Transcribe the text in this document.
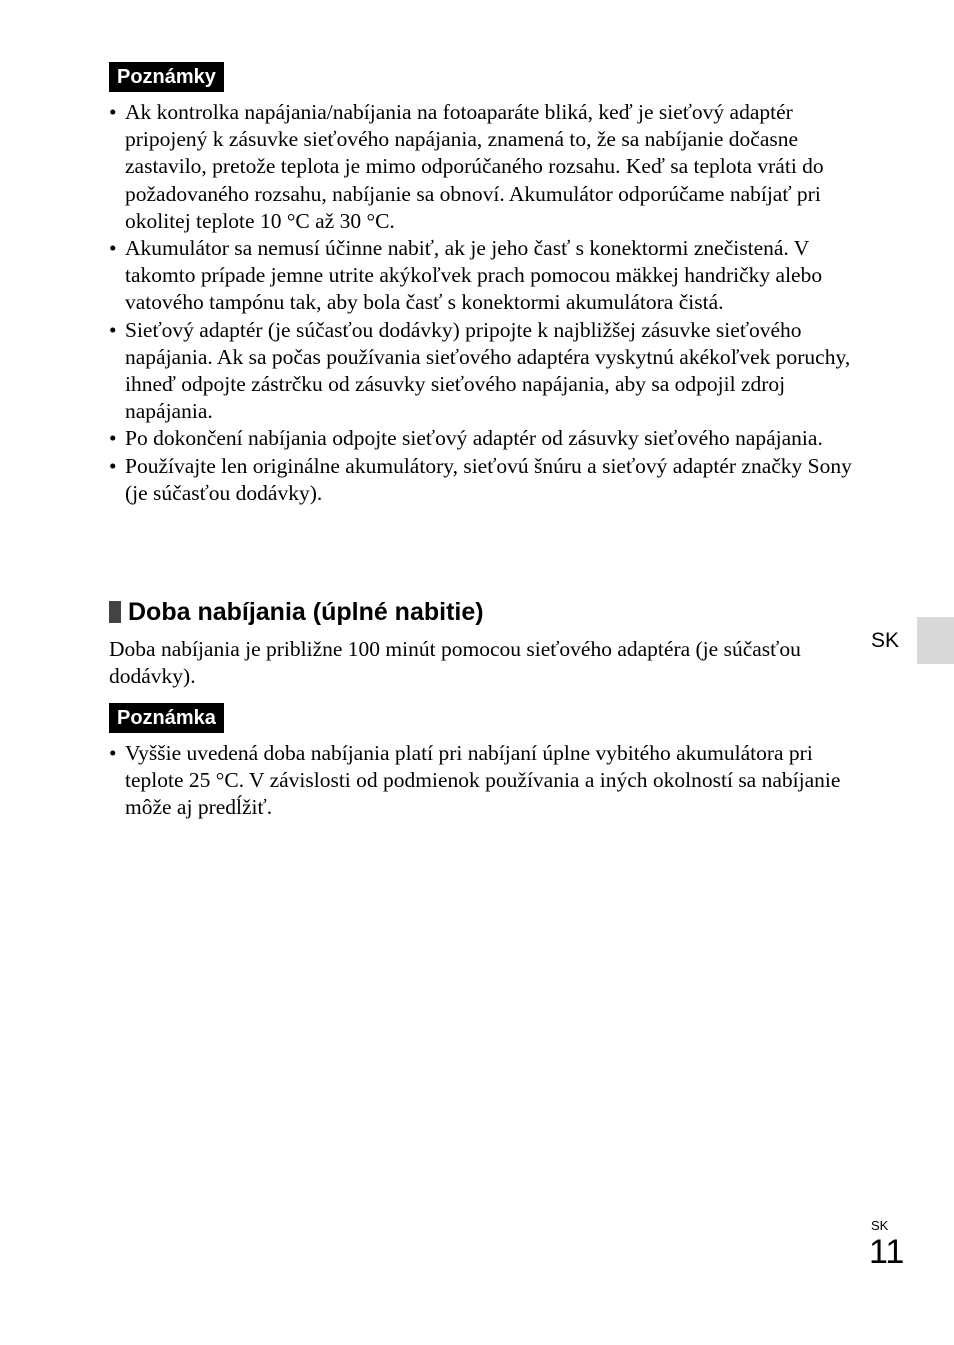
Poznámky
• Ak kontrolka napájania/nabíjania na fotoaparáte bliká, keď je sieťový adaptér pripojený k zásuvke sieťového napájania, znamená to, že sa nabíjanie dočasne zastavilo, pretože teplota je mimo odporúčaného rozsahu. Keď sa teplota vráti do požadovaného rozsahu, nabíjanie sa obnoví. Akumulátor odporúčame nabíjať pri okolitej teplote 10 °C až 30 °C.
• Akumulátor sa nemusí účinne nabiť, ak je jeho časť s konektormi znečistená. V takomto prípade jemne utrite akýkoľvek prach pomocou mäkkej handričky alebo vatového tampónu tak, aby bola časť s konektormi akumulátora čistá.
• Sieťový adaptér (je súčasťou dodávky) pripojte k najbližšej zásuvke sieťového napájania. Ak sa počas používania sieťového adaptéra vyskytnú akékoľvek poruchy, ihneď odpojte zástrčku od zásuvky sieťového napájania, aby sa odpojil zdroj napájania.
• Po dokončení nabíjania odpojte sieťový adaptér od zásuvky sieťového napájania.
• Používajte len originálne akumulátory, sieťovú šnúru a sieťový adaptér značky Sony (je súčasťou dodávky).
Doba nabíjania (úplné nabitie)

Doba nabíjania je približne 100 minút pomocou sieťového adaptéra (je súčasťou dodávky).

Poznámka
• Vyššie uvedená doba nabíjania platí pri nabíjaní úplne vybitého akumulátora pri teplote 25 °C. V závislosti od podmienok používania a iných okolností sa nabíjanie môže aj predĺžiť.
SK
SK
11
